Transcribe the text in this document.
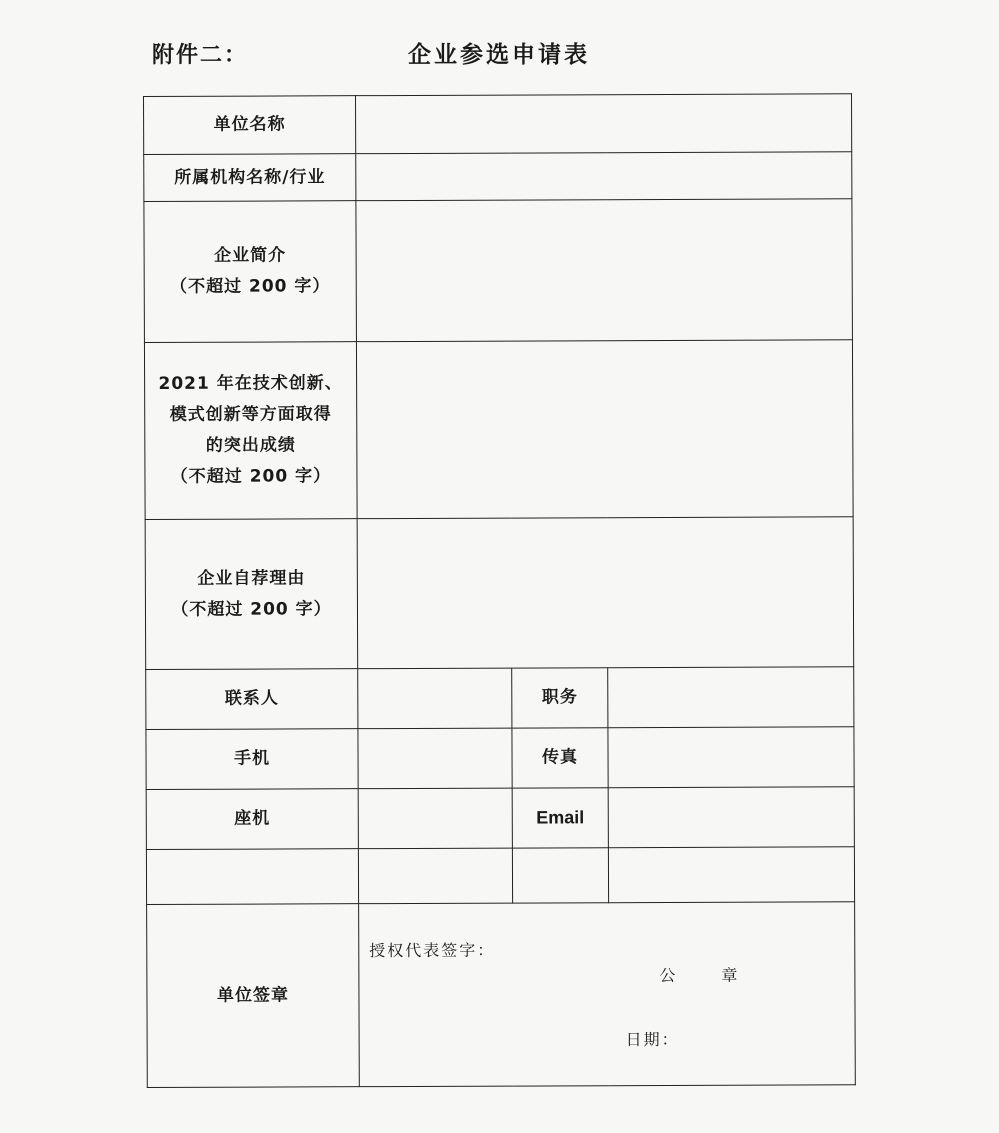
附件二：	企业参选申请表
单位名称			
所属机构名称/行业			

企业简介
（不超过 200 字）			

2021 年在技术创新、
模式创新等方面取得
的突出成绩
（不超过 200 字）			

企业自荐理由
（不超过 200 字）			

联系人		职务	
手机		传真	
座机		Email	

单位签章	授权代表签字：
公 章
日期：		
